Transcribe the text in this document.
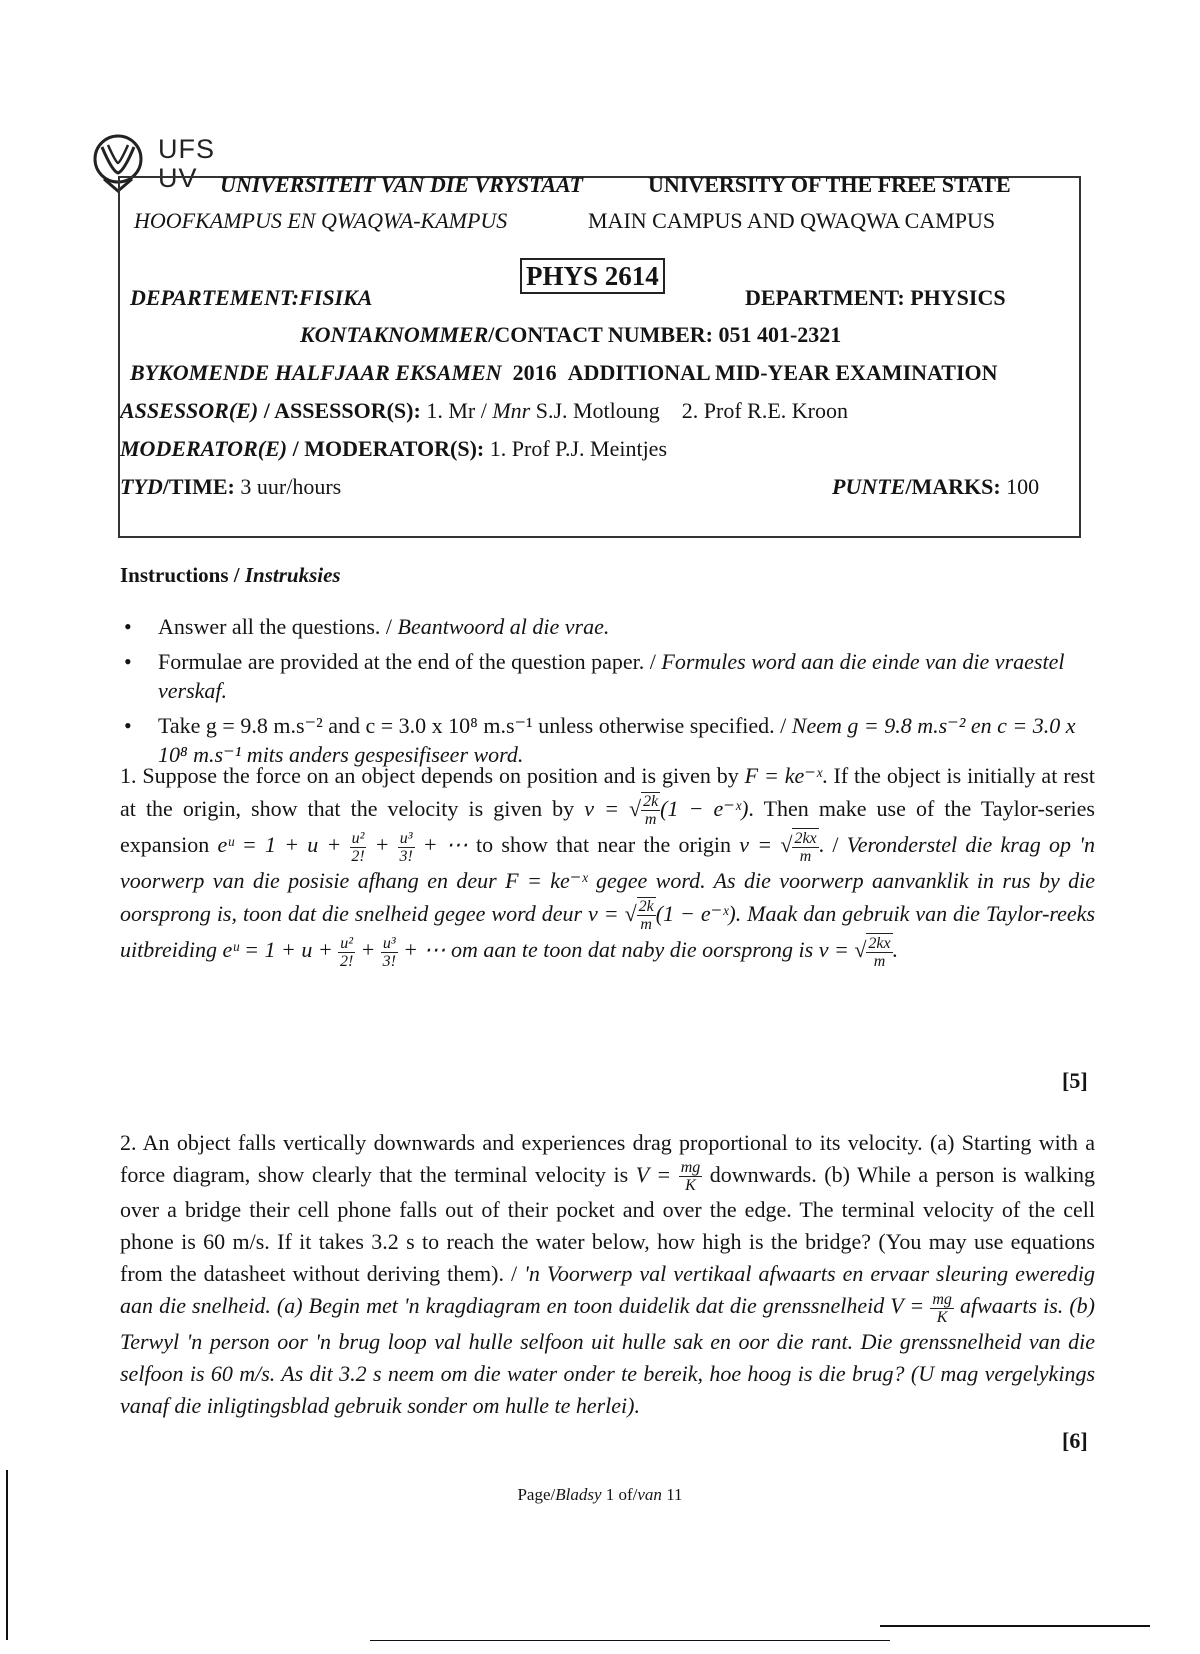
UFS
UV	UNIVERSITEIT VAN DIE VRYSTAAT	UNIVERSITY OF THE FREE STATE
HOOFKAMPUS EN QWAQWA-KAMPUS	MAIN CAMPUS AND QWAQWA CAMPUS
PHYS 2614
DEPARTEMENT:FISIKA	DEPARTMENT: PHYSICS
KONTAKNOMMER/CONTACT NUMBER: 051 401-2321
BYKOMENDE HALFJAAR EKSAMEN 2016 ADDITIONAL MID-YEAR EXAMINATION
ASSESSOR(E) / ASSESSOR(S): 1. Mr / Mnr S.J. Motloung 2. Prof R.E. Kroon
MODERATOR(E) / MODERATOR(S): 1. Prof P.J. Meintjes
TYD/TIME: 3 uur/hours	PUNTE/MARKS: 100
Instructions / Instruksies
• Answer all the questions. / Beantwoord al die vrae.
• Formulae are provided at the end of the question paper. / Formules word aan die einde van die vraestel verskaf.
• Take g = 9.8 m.s⁻² and c = 3.0 x 10⁸ m.s⁻¹ unless otherwise specified. / Neem g = 9.8 m.s⁻² en c = 3.0 x 10⁸ m.s⁻¹ mits anders gespesifiseer word.
1. Suppose the force on an object depends on position and is given by F = ke⁻ˣ. If the object is initially at rest at the origin, show that the velocity is given by v = √ $\frac{2k}{m} (1$ − e⁻ˣ). Then make use of the Taylor-series expansion eᵘ = $1 + u + \frac{\text{u²}}{2!} + \frac{\text{u³}}{3!}$ + ⋯ to show that near the origin v = √ $\frac{2kx}{m}$ . / Veronderstel die krag op 'n voorwerp van die posisie afhang en deur F = ke⁻ˣ gegee word. As die voorwerp aanvanklik in rus by die oorsprong is, toon dat die snelheid gegee word deur v = √ $\frac{2k}{m} (1$ − e⁻ˣ). Maak dan gebruik van die Taylor-reeks uitbreiding eᵘ = $1 + u + \frac{\text{u²}}{2!} + \frac{\text{u³}}{3!}$ + ⋯ om aan te toon dat naby die oorsprong is v = √ $\frac{2kx}{m}$ .
[5]
2. An object falls vertically downwards and experiences drag proportional to its velocity. (a) Starting with a force diagram, show clearly that the terminal velocity is $V = \frac{mg}{K}$ downwards. (b) While a person is walking over a bridge their cell phone falls out of their pocket and over the edge. The terminal velocity of the cell phone is 60 m/s. If it takes 3.2 s to reach the water below, how high is the bridge? (You may use equations from the datasheet without deriving them). / 'n Voorwerp val vertikaal afwaarts en ervaar sleuring eweredig aan die snelheid. (a) Begin met 'n kragdiagram en toon duidelik dat die grenssnelheid $V = \frac{mg}{K}$ afwaarts is. (b) Terwyl 'n person oor 'n brug loop val hulle selfoon uit hulle sak en oor die rant. Die grenssnelheid van die selfoon is 60 m/s. As dit 3.2 s neem om die water onder te bereik, hoe hoog is die brug? (U mag vergelykings vanaf die inligtingsblad gebruik sonder om hulle te herlei).
[6]
Page/Bladsy 1 of/van 11
